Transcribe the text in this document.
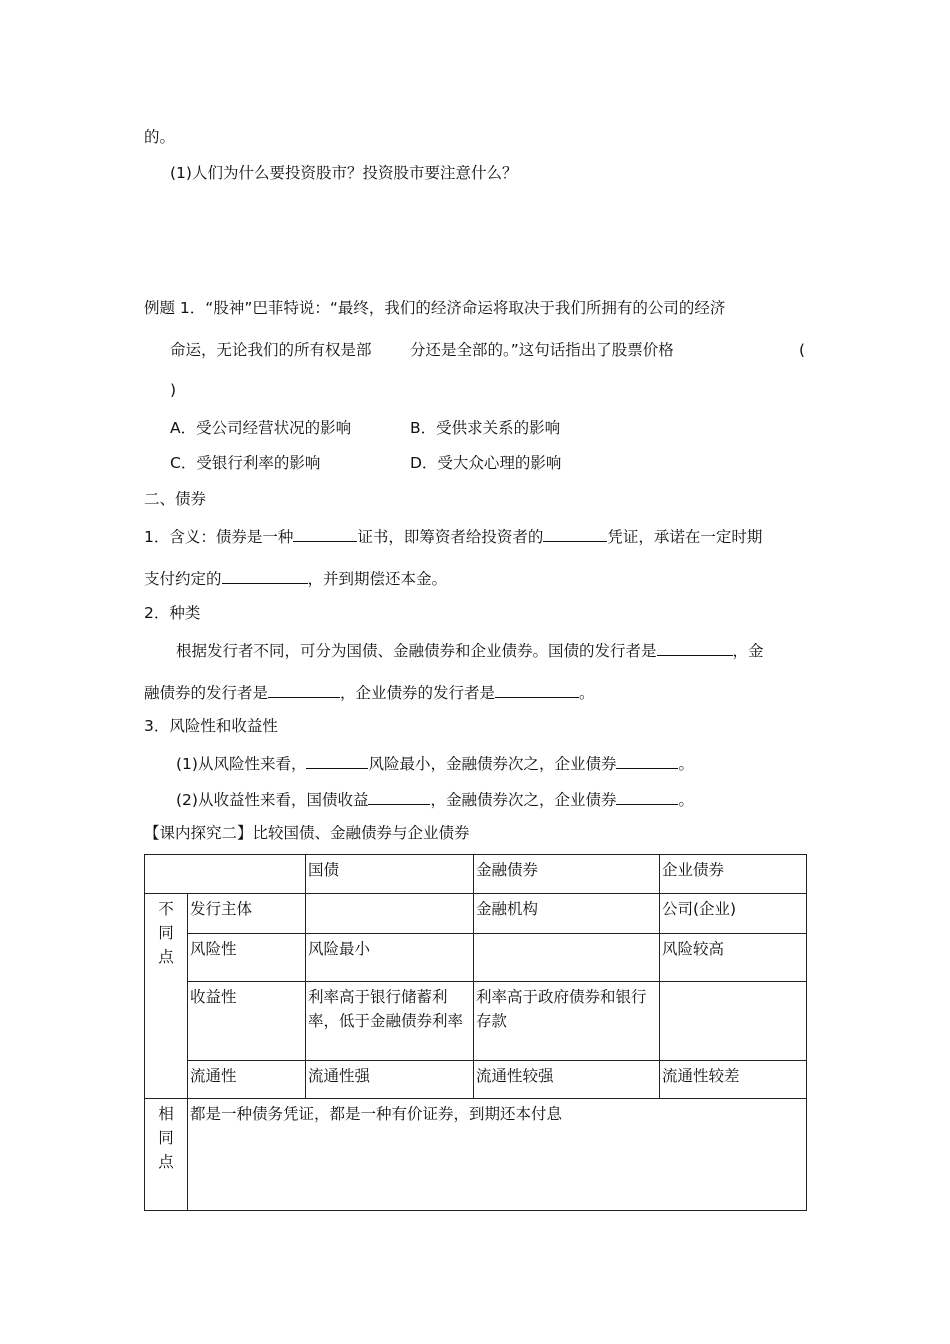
的。
(1)人们为什么要投资股市？投资股市要注意什么？
例题 1．“股神”巴菲特说：“最终，我们的经济命运将取决于我们所拥有的公司的经济
命运，无论我们的所有权是部 分还是全部的。”这句话指出了股票价格	(
)
A．受公司经营状况的影响	B．受供求关系的影响
C．受银行利率的影响	D．受大众心理的影响
二、债券
1．含义：债券是一种	证书，即筹资者给投资者的	凭证，承诺在一定时期
支付约定的	，并到期偿还本金。
2．种类
根据发行者不同，可分为国债、金融债券和企业债券。国债的发行者是	，金
融债券的发行者是	，企业债券的发行者是	。
3．风险性和收益性
(1)从风险性来看，	风险最小，金融债券次之，企业债券	。
(2)从收益性来看，国债收益	，金融债券次之，企业债券	。
【课内探究二】比较国债、金融债券与企业债券
		国债	金融债券	企业债券

不
同
点	发行主体		金融机构	公司(企业)
	风险性	风险最小		风险较高
	收益性	利率高于银行储蓄利率，低于金融债券利率	利率高于政府债券和银行存款	
	流通性	流通性强	流通性较强	流通性较差

相
同
点	都是一种债务凭证，都是一种有价证券，到期还本付息			
